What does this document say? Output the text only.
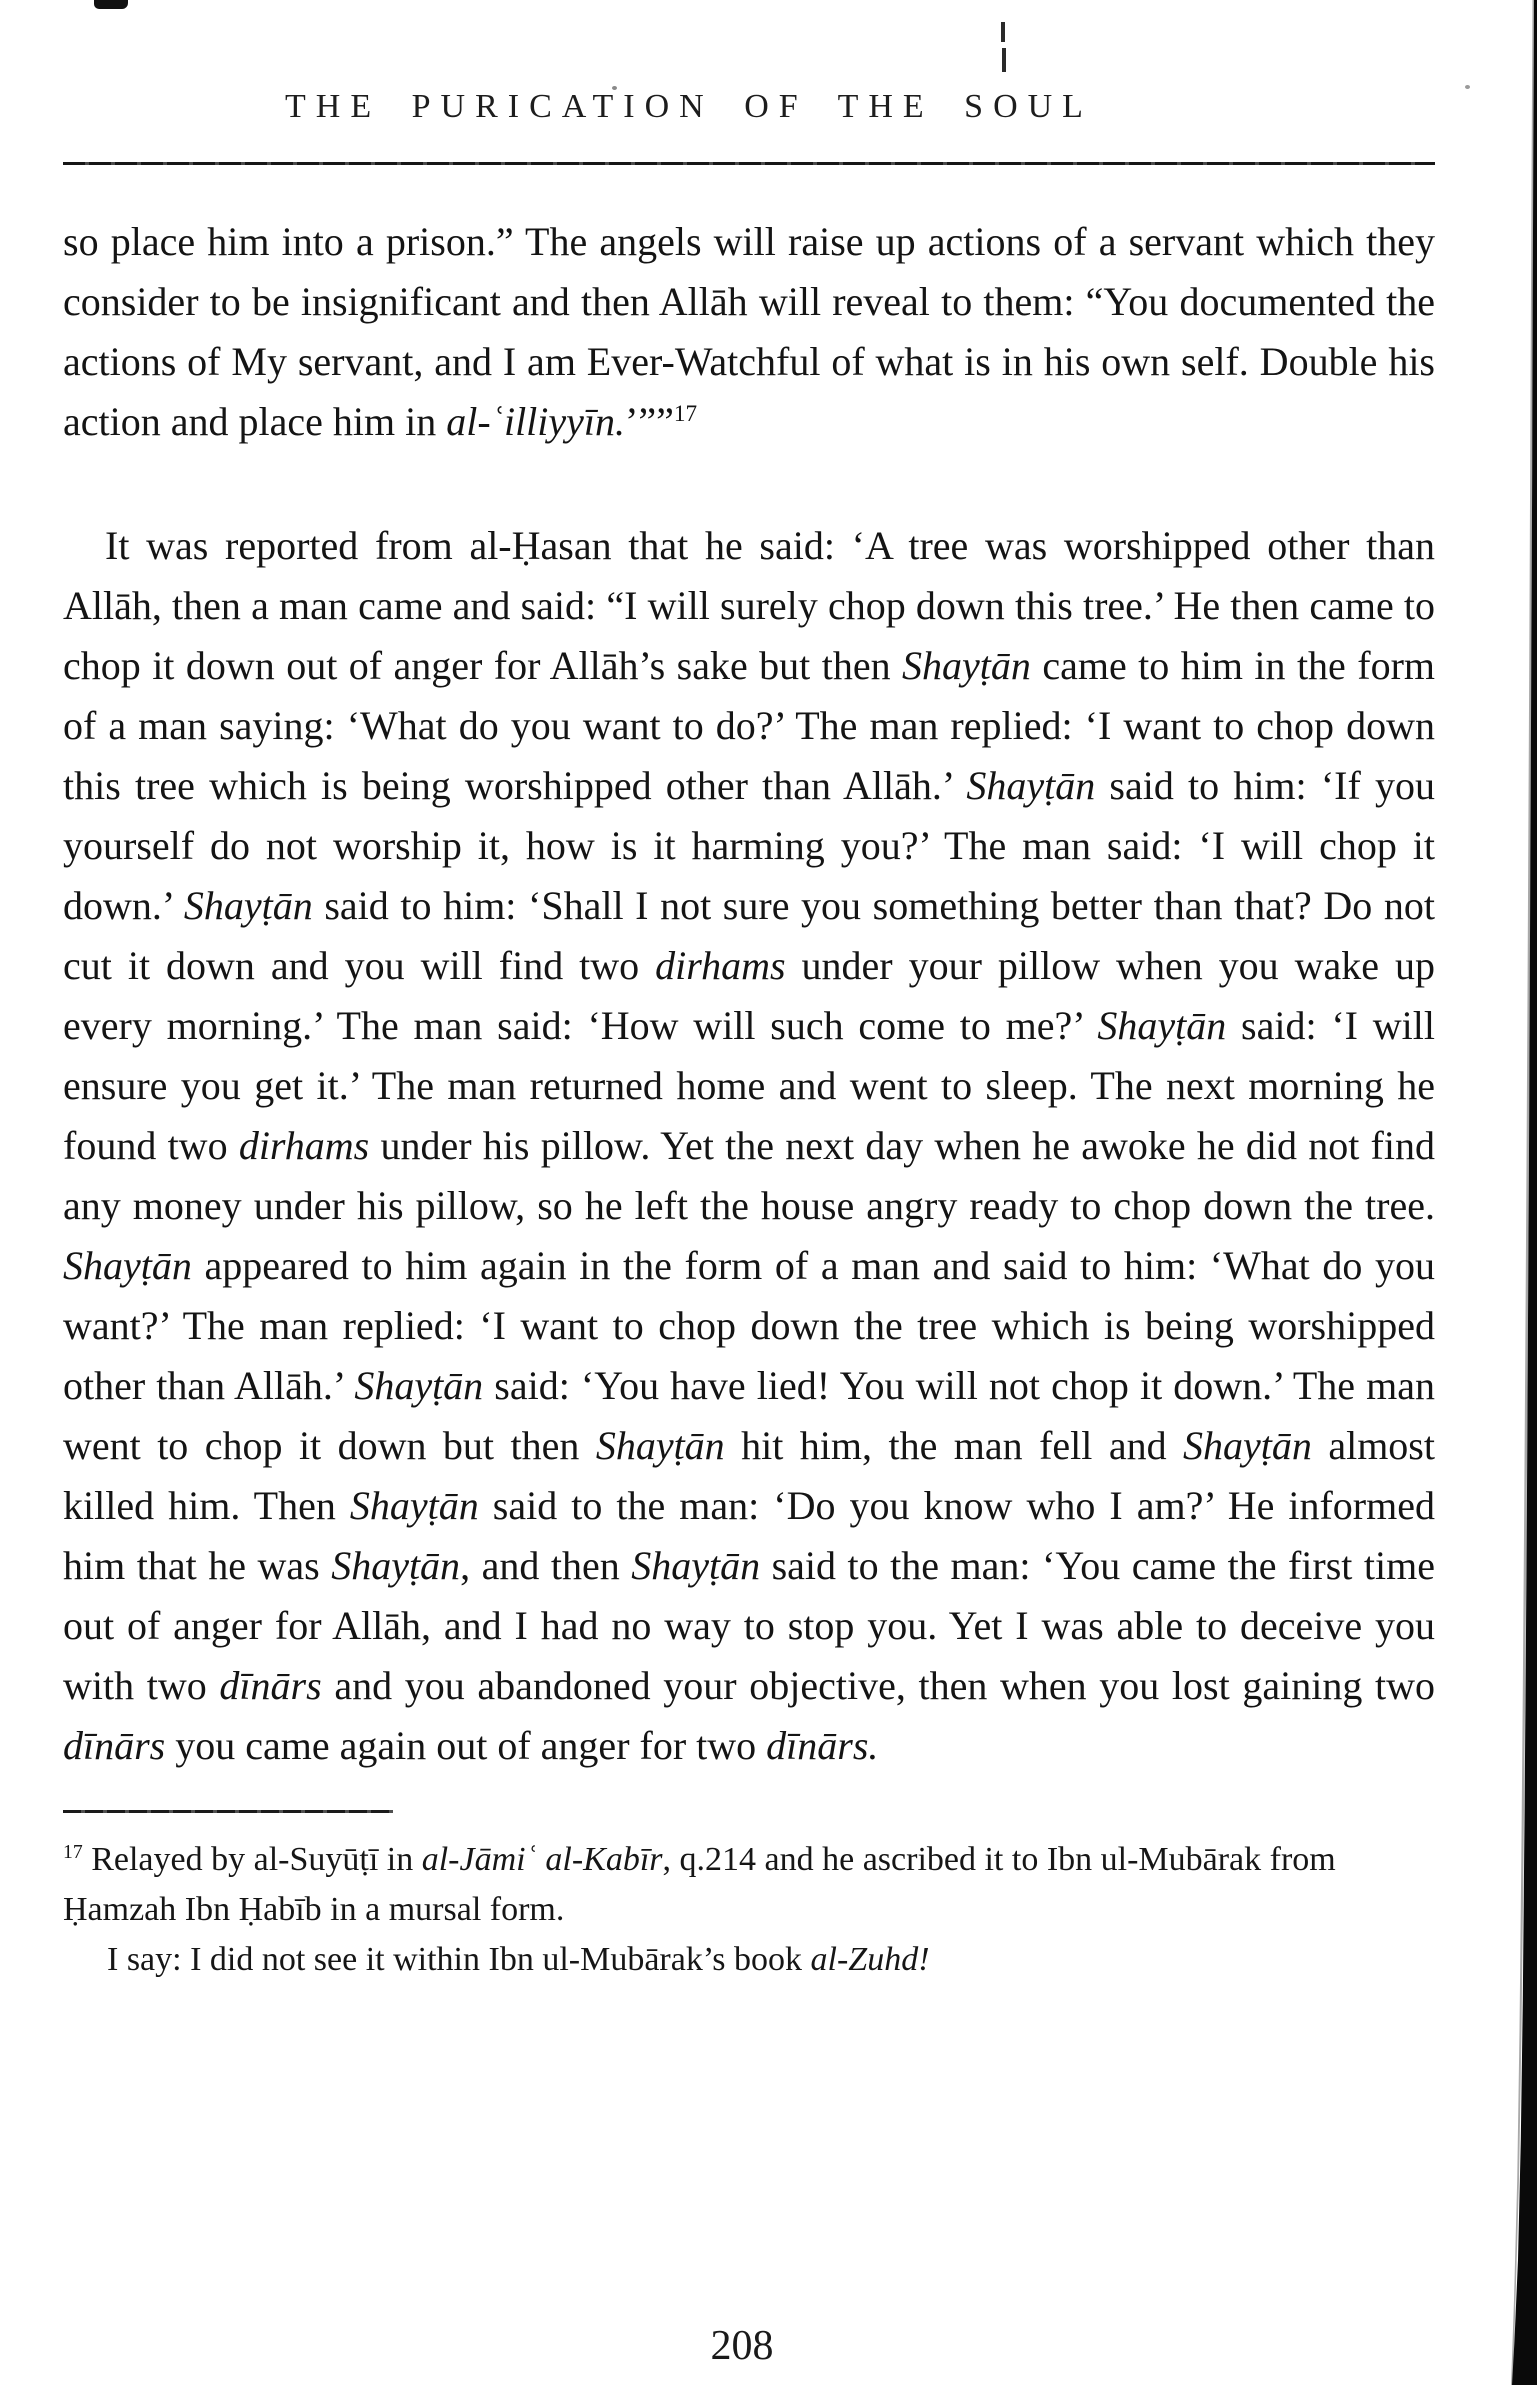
THE PURICATION OF THE SOUL

so place him into a prison.” The angels will raise up actions of a servant which they consider to be insignificant and then Allāh will reveal to them: “You documented the actions of My servant, and I am Ever-Watchful of what is in his own self. Double his action and place him in al-ʿilliyyīn.’””$^{17}$

It was reported from al-Ḥasan that he said: ‘A tree was worshipped other than Allāh, then a man came and said: “I will surely chop down this tree.’ He then came to chop it down out of anger for Allāh’s sake but then Shayṭān came to him in the form of a man saying: ‘What do you want to do?’ The man replied: ‘I want to chop down this tree which is being worshipped other than Allāh.’ Shayṭān said to him: ‘If you yourself do not worship it, how is it harming you?’ The man said: ‘I will chop it down.’ Shayṭān said to him: ‘Shall I not sure you something better than that? Do not cut it down and you will find two dirhams under your pillow when you wake up every morning.’ The man said: ‘How will such come to me?’ Shayṭān said: ‘I will ensure you get it.’ The man returned home and went to sleep. The next morning he found two dirhams under his pillow. Yet the next day when he awoke he did not find any money under his pillow, so he left the house angry ready to chop down the tree. Shayṭān appeared to him again in the form of a man and said to him: ‘What do you want?’ The man replied: ‘I want to chop down the tree which is being worshipped other than Allāh.’ Shayṭān said: ‘You have lied! You will not chop it down.’ The man went to chop it down but then Shayṭān hit him, the man fell and Shayṭān almost killed him. Then Shayṭān said to the man: ‘Do you know who I am?’ He informed him that he was Shayṭān, and then Shayṭān said to the man: ‘You came the first time out of anger for Allāh, and I had no way to stop you. Yet I was able to deceive you with two dīnārs and you abandoned your objective, then when you lost gaining two dīnārs you came again out of anger for two dīnārs.

$^{17}$ Relayed by al-Suyūṭī in al-Jāmiʿ al-Kabīr, q.214 and he ascribed it to Ibn ul-Mubārak from Ḥamzah Ibn Ḥabīb in a mursal form.

I say: I did not see it within Ibn ul-Mubārak’s book al-Zuhd!

208
